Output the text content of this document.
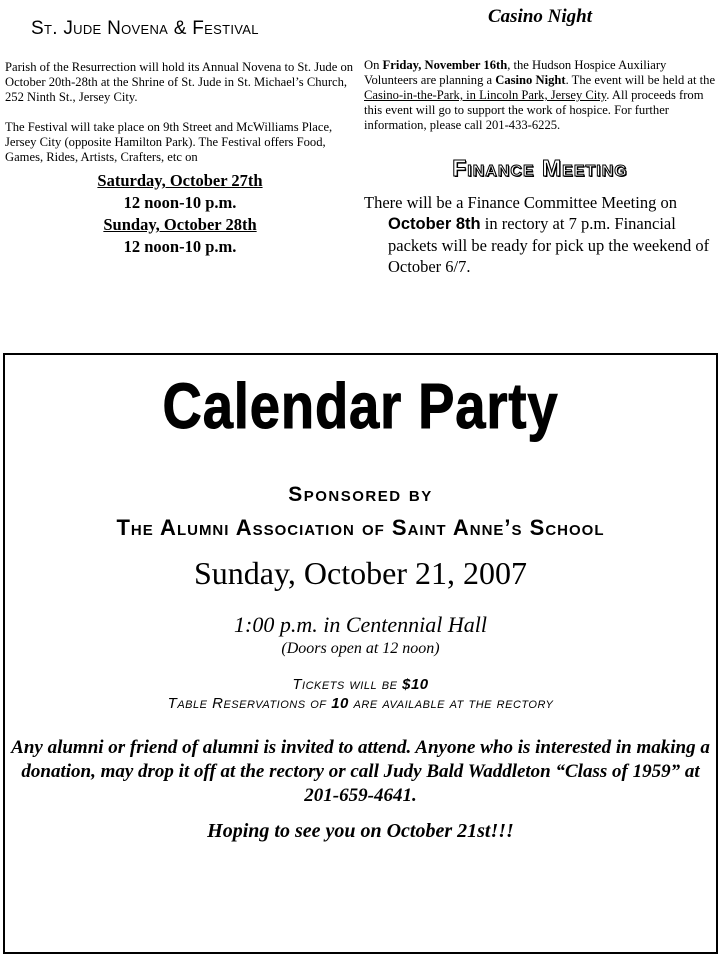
St. Jude Novena & Festival

Parish of the Resurrection will hold its Annual Novena to St. Jude on October 20th-28th at the Shrine of St. Jude in St. Michael’s Church, 252 Ninth St., Jersey City.

The Festival will take place on 9th Street and McWilliams Place, Jersey City (opposite Hamilton Park). The Festival offers Food, Games, Rides, Artists, Crafters, etc on

Saturday, October 27th
12 noon-10 p.m.
Sunday, October 28th
12 noon-10 p.m.
Casino Night

On Friday, November 16th, the Hudson Hospice Auxiliary Volunteers are planning a Casino Night. The event will be held at the Casino-in-the-Park, in Lincoln Park, Jersey City. All proceeds from this event will go to support the work of hospice. For further information, please call 201-433-6225.

Finance Meeting

There will be a Finance Committee Meeting on October 8th in rectory at 7 p.m. Financial packets will be ready for pick up the weekend of October 6/7.

Calendar Party
Sponsored by
The Alumni Association of Saint Anne’s School
Sunday, October 21, 2007
1:00 p.m. in Centennial Hall
(Doors open at 12 noon)
Tickets will be $10
Table Reservations of 10 are available at the rectory
Any alumni or friend of alumni is invited to attend. Anyone who is interested in making a donation, may drop it off at the rectory or call Judy Bald Waddleton “Class of 1959” at 201-659-4641.
Hoping to see you on October 21st!!!
